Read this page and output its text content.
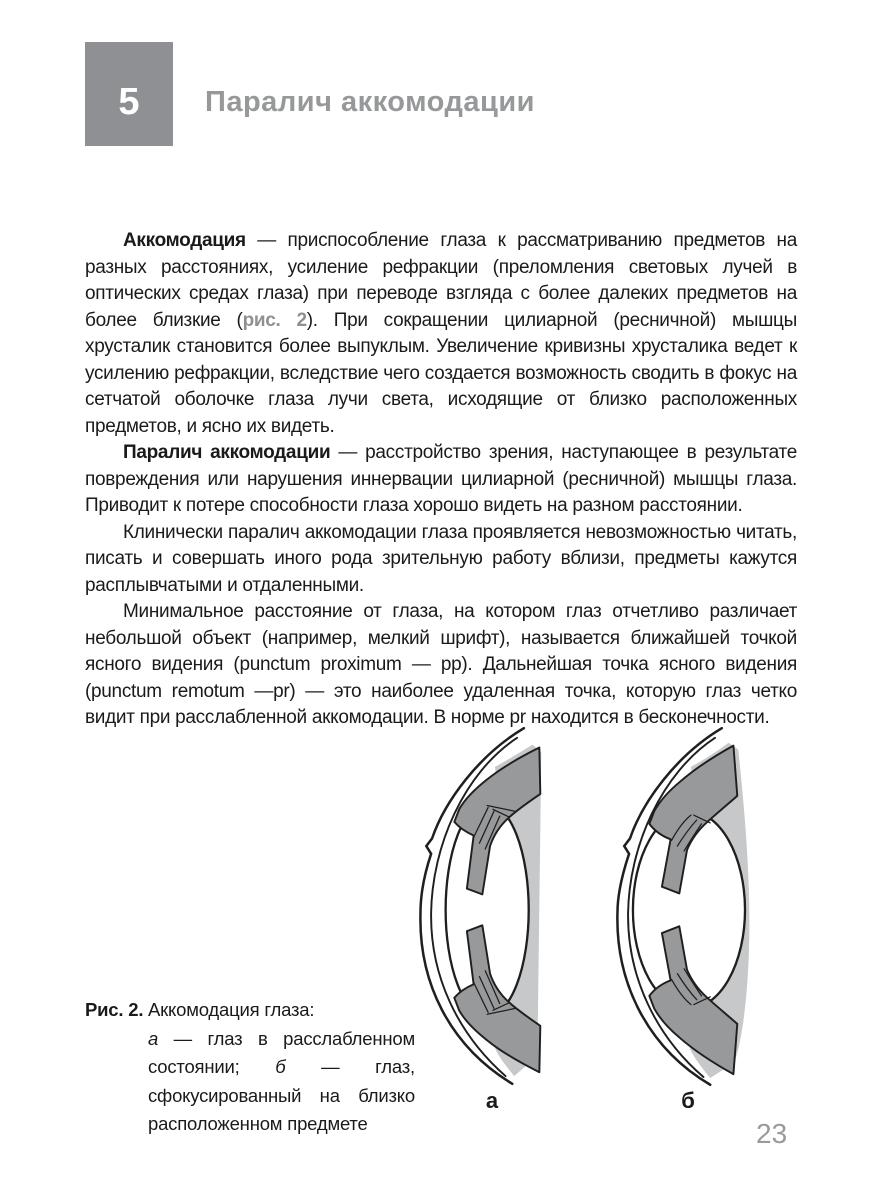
5 Паралич аккомодации

Аккомодация — приспособление глаза к рассматриванию предметов на разных расстояниях, усиление рефракции (преломления световых лучей в оптических средах глаза) при переводе взгляда с более далеких предметов на более близкие (рис. 2). При сокращении цилиарной (ресничной) мышцы хрусталик становится более выпуклым. Увеличение кривизны хрусталика ведет к усилению рефракции, вследствие чего создается возможность сводить в фокус на сетчатой оболочке глаза лучи света, исходящие от близко расположенных предметов, и ясно их видеть.

Паралич аккомодации — расстройство зрения, наступающее в результате повреждения или нарушения иннервации цилиарной (ресничной) мышцы глаза. Приводит к потере способности глаза хорошо видеть на разном расстоянии.

Клинически паралич аккомодации глаза проявляется невозможностью читать, писать и совершать иного рода зрительную работу вблизи, предметы кажутся расплывчатыми и отдаленными.

Минимальное расстояние от глаза, на котором глаз отчетливо различает небольшой объект (например, мелкий шрифт), называется ближайшей точкой ясного видения (punctum proximum — pp). Дальнейшая точка ясного видения (punctum remotum —pr) — это наиболее удаленная точка, которую глаз четко видит при расслабленной аккомодации. В норме pr находится в бесконечности.

а	б
Рис. 2. Аккомодация глаза:
а — глаз в расслабленном состоянии; б — глаз, сфокусированный на близко расположенном предмете	23
